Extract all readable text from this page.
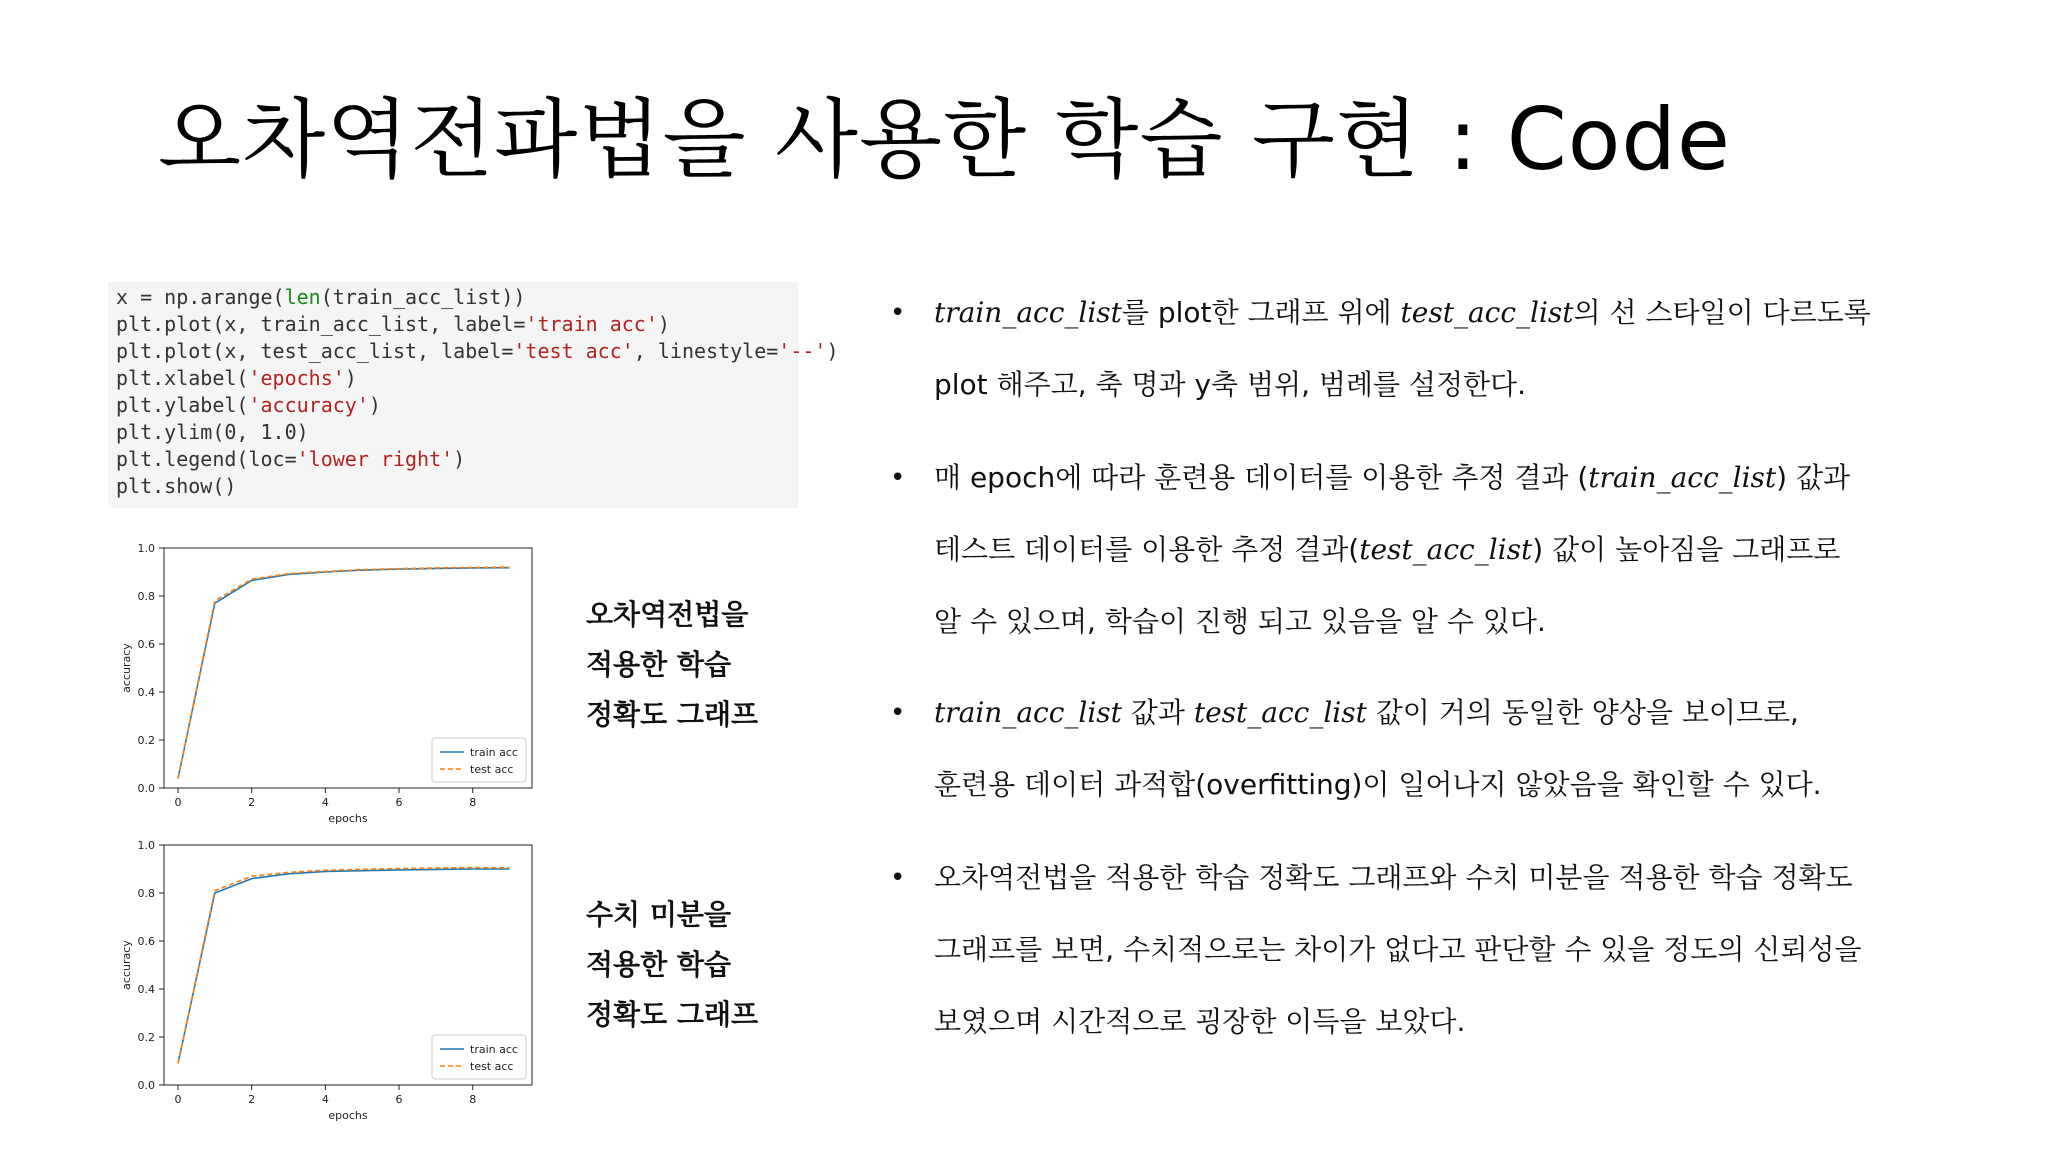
오차역전파법을 사용한 학습 구현 : Code
x = np.arange(len(train_acc_list))
plt.plot(x, train_acc_list, label='train acc')
plt.plot(x, test_acc_list, label='test acc', linestyle='--')
plt.xlabel('epochs')
plt.ylabel('accuracy')
plt.ylim(0, 1.0)
plt.legend(loc='lower right')
plt.show()
0.0
0.2
0.4
0.6
0.8
1.0
0	2	4	6	8
epochs
accuracy
train acc
test acc
0.0
0.2
0.4
0.6
0.8
1.0
0	2	4	6	8
epochs
accuracy
train acc
test acc
오차역전법을
적용한 학습
정확도 그래프
수치 미분을
적용한 학습
정확도 그래프
• train_acc_list를 plot한 그래프 위에 test_acc_list의 선 스타일이 다르도록
plot 해주고, 축 명과 y축 범위, 범례를 설정한다.
• 매 epoch에 따라 훈련용 데이터를 이용한 추정 결과 (train_acc_list) 값과
테스트 데이터를 이용한 추정 결과(test_acc_list) 값이 높아짐을 그래프로
알 수 있으며, 학습이 진행 되고 있음을 알 수 있다.
• train_acc_list 값과 test_acc_list 값이 거의 동일한 양상을 보이므로,
훈련용 데이터 과적합(overfitting)이 일어나지 않았음을 확인할 수 있다.
• 오차역전법을 적용한 학습 정확도 그래프와 수치 미분을 적용한 학습 정확도
그래프를 보면, 수치적으로는 차이가 없다고 판단할 수 있을 정도의 신뢰성을
보였으며 시간적으로 굉장한 이득을 보았다.
